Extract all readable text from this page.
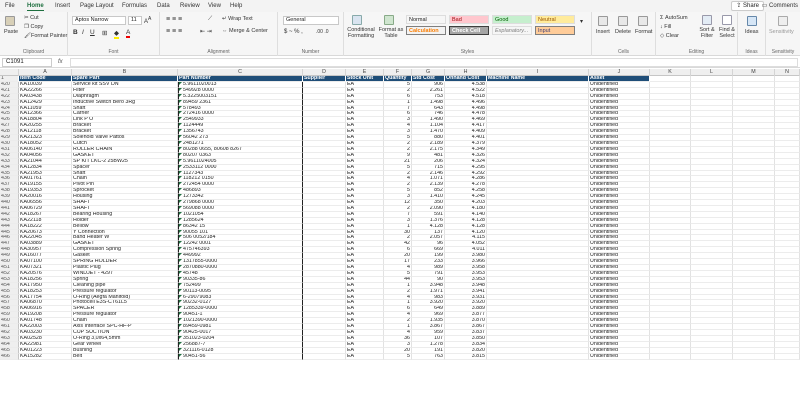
File Home Insert Page Layout Formulas Data Review View Help	⇪ Share ▭ Comments
Paste
✂ Cut
❐ Copy
🖌Format Painter
Clipboard
Aptos Narrow	11	$A^A$
B I U ⊞ ◆ A
Font
≡ ≡ ≡	⟋ ↵ Wrap Text
≡ ≡ ≡	⇤ ⇥ ⇔ Merge & Center
Alignment
General
$ ~ % ,	.00 .0
Number
Conditional Formatting
Format as Table
Normal	Bad	Good	Neutral
Calculation	Check Cell	Explanatory...	Input
▾
Styles
Insert Delete Format
Cells
Σ AutoSum
↓ Fill
◇ Clear
Sort & Filter
Find & Select
Editing
Ideas
Ideas
Sensitivity
Sensitivity
C1091	fx
A	B	C	D	E	F	G	H	I	J	K	L	M	N
1	Item Code	Spare Part	Part Number	Supplier	Stock Unit	Quantity	Std Cost	Onhand Cost	Machine Name	Asset
420	KA10039	Service kit SSV DN	5.9611020013	EA	5	906	4.538	Unidentified
421	KA22266	Filter	549928 0000	EA	2	2.261	4.522	Unidentified
422	KA03438	Diaphragm	5.3225003151	EA	6	753	4.518	Unidentified
423	KA12429	Inductive Switch Bero 3Rg	89459 2361	EA	1	1.498	4.496	Unidentified
424	KA11059	Shaft	578493	EA	7	643	4.498	Unidentified
425	KA12366	Carrier	272416 0000	EA	6	746	4.478	Unidentified
426	KA18804	Link P O	2549933	EA	3	1.490	4.469	Unidentified
427	KA20255	Bracket	1124449	EA	4	1.104	4.417	Unidentified
428	KA12118	Bracket	1356743	EA	3	1.470	4.409	Unidentified
429	KA21323	Solenoid Valve Pattos	56042 273	EA	5	880	4.401	Unidentified
430	KA18052	Cutch	2481271	EA	2	2.189	4.379	Unidentified
431	KA06140	ROLLER CHAIN	80288 0655, 80608 8267	EA	2	2.175	4.349	Unidentified
432	KA04056	GASKET	80207 0363	EA	9	481	4.326	Unidentified
433	KA21044	SP KIT LKC-2 25BW25	5.9611024005	EA	21	206	4.324	Unidentified
434	KA12834	Spacer	2533112 0000	EA	5	715	4.295	Unidentified
435	KA21953	Shaft	1127343	EA	2	2.146	4.292	Unidentified
436	KA01761	Chain	118212 0150	EA	4	1.071	4.286	Unidentified
437	KA19155	Pivot Pin	272454 0000	EA	2	2.139	4.278	Unidentified
438	KA19353	Sprocket	486893	EA	5	852	4.258	Unidentified
439	KA20016	Housing	1273342	EA	3	1.410	4.245	Unidentified
440	KA06556	SHAFT	279868 0000	EA	12	350	4.203	Unidentified
441	KA06729	SHAFT	569088 0000	EA	2	2.090	4.180	Unidentified
442	KA18267	Bearing Housing	1021054	EA	7	591	4.140	Unidentified
443	KA22118	Holder	1285624	EA	3	1.376	4.128	Unidentified
444	KA18222	Bellow	86342 15	EA	1	4.128	4.128	Unidentified
445	KA20673	Y Connection	90055 101	EA	30	137	4.120	Unidentified
446	KA22045	Band Heater W	506 0052/184	EA	2	2.057	4.115	Unidentified
447	KA03889	GASKET	12242 0001	EA	42	96	4.052	Unidentified
448	KA30957	Compression Spring	475746393	EA	6	669	4.011	Unidentified
449	KA16077	Gasket	449992	EA	20	199	3.980	Unidentified
450	KA07100	SPRING HOLDER	1317855-0000	EA	17	233	3.966	Unidentified
451	KA07321	Plastic Plug	2870880-0000	EA	4	989	3.958	Unidentified
452	KA20576	WINDJET - 4297	45748	EA	5	791	3.953	Unidentified
453	KA18256	Spring	90335-86	EA	44	90	3.953	Unidentified
454	KA17950	Cleaning pipe	752499	EA	1	3.948	3.948	Unidentified
455	KA18253	Pressure regulator	90113-0095	EA	2	1.971	3.941	Unidentified
456	KA17754	O-Ring (Aegfa Manifold)	6-29079083	EA	4	983	3.931	Unidentified
457	KA06870	Photocell E3S-CT61L5	90232-0127	EA	1	3.920	3.920	Unidentified
458	KA06916	SPACER	1285339-0000	EA	6	649	3.889	Unidentified
459	KA19208	Pressure regulator	90451-1	EA	4	969	3.877	Unidentified
460	KA01748	Chain	1021390-0000	EA	2	1.935	3.870	Unidentified
461	KA22003	Axis Interface SPC-HF-P	89459-0981	EA	1	3.867	3.867	Unidentified
462	KA03230	CUP SUCTION	90425-0017	EA	4	959	3.837	Unidentified
463	KA02528	O-Ring 3,0x64,5mm	351023-0204	EA	36	107	3.850	Unidentified
464	KA22981	Gear Wheel	256887-7	EA	3	1.278	3.834	Unidentified
465	KA01223	Bushing	321116-0128	EA	20	191	3.820	Unidentified
466	KA15282	Belt	90451-56	EA	5	763	3.815	Unidentified
